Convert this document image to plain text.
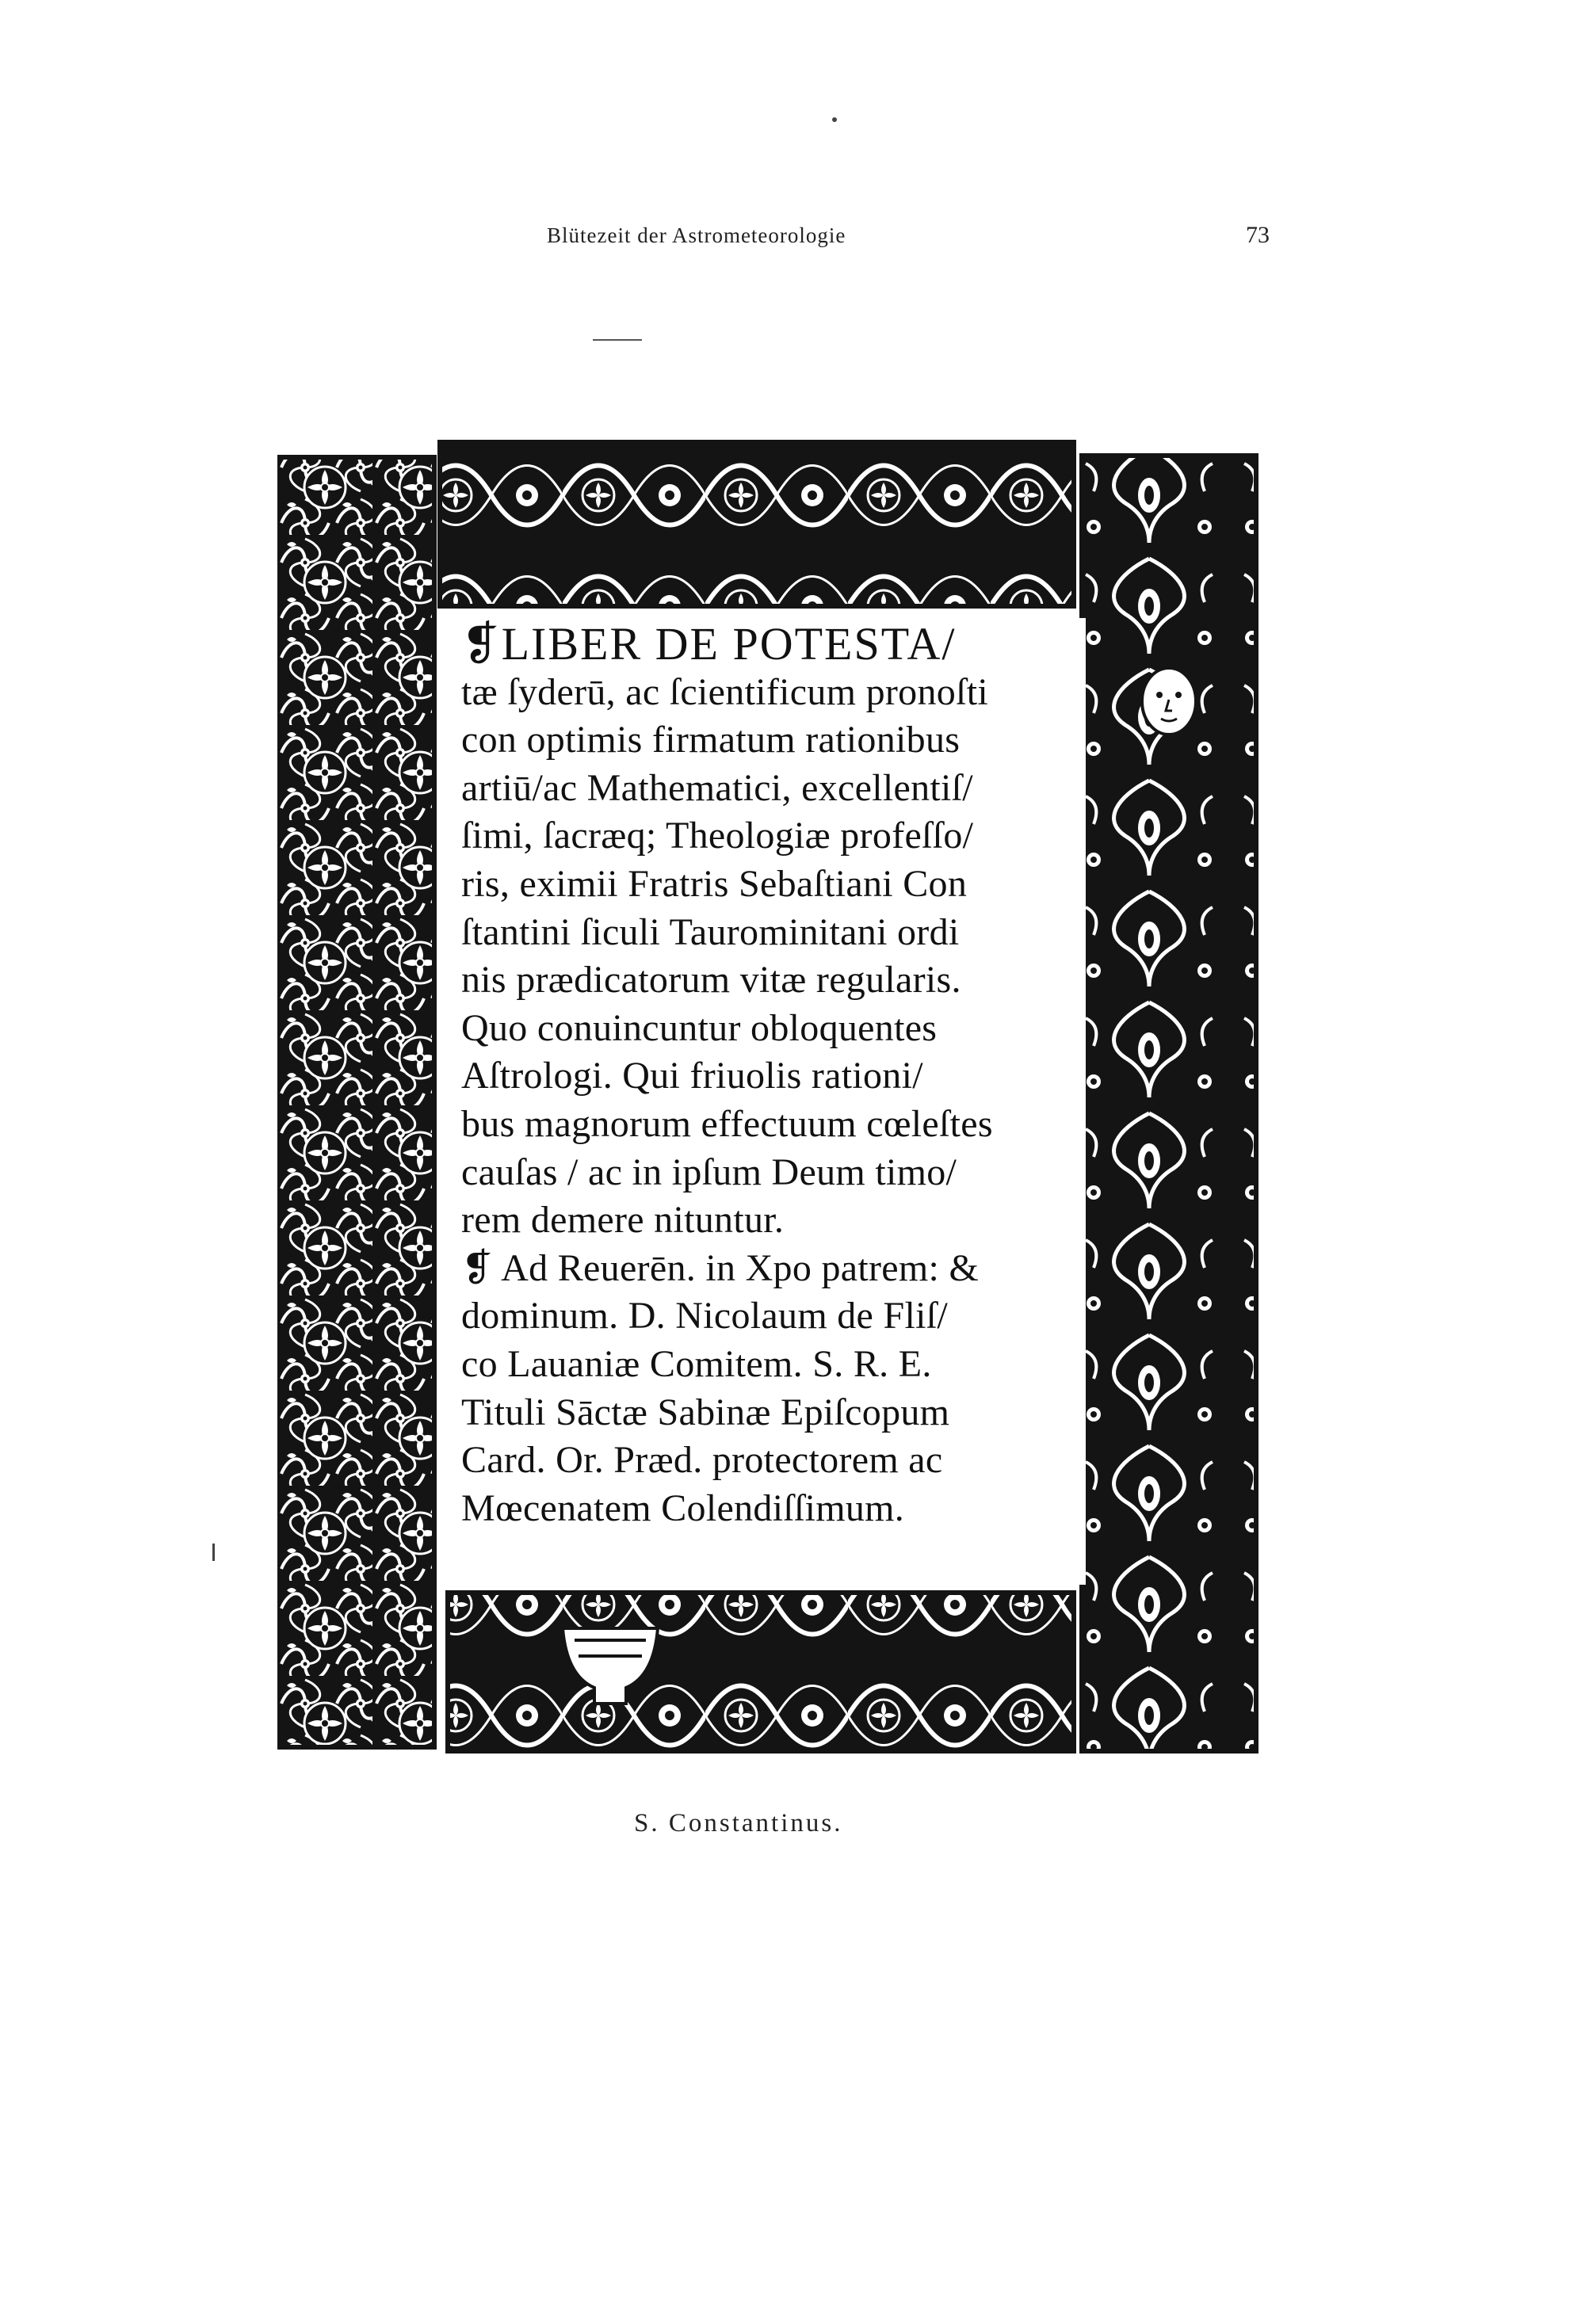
Blütezeit der Astrometeorologie	73
❡LIBER DE POTESTA/
tæ ſyderū, ac ſcientificum pronoſti
con optimis firmatum rationibus
artiū/ac Mathematici, excellentiſ/
ſimi, ſacræq; Theologiæ profeſſo/
ris, eximii Fratris Sebaſtiani Con
ſtantini ſiculi Taurominitani ordi
nis prædicatorum vitæ regularis.
Quo conuincuntur obloquentes
Aſtrologi. Qui friuolis rationi/
bus magnorum effectuum cœleſtes
cauſas / ac in ipſum Deum timo/
rem demere nituntur.
❡ Ad Reuerēn. in Xpo patrem: &
dominum. D. Nicolaum de Fliſ/
co Lauaniæ Comitem. S. R. E.
Tituli Sāctæ Sabinæ Epiſcopum
Card. Or. Præd. protectorem ac
Mœcenatem Colendiſſimum.
S. Constantinus.
